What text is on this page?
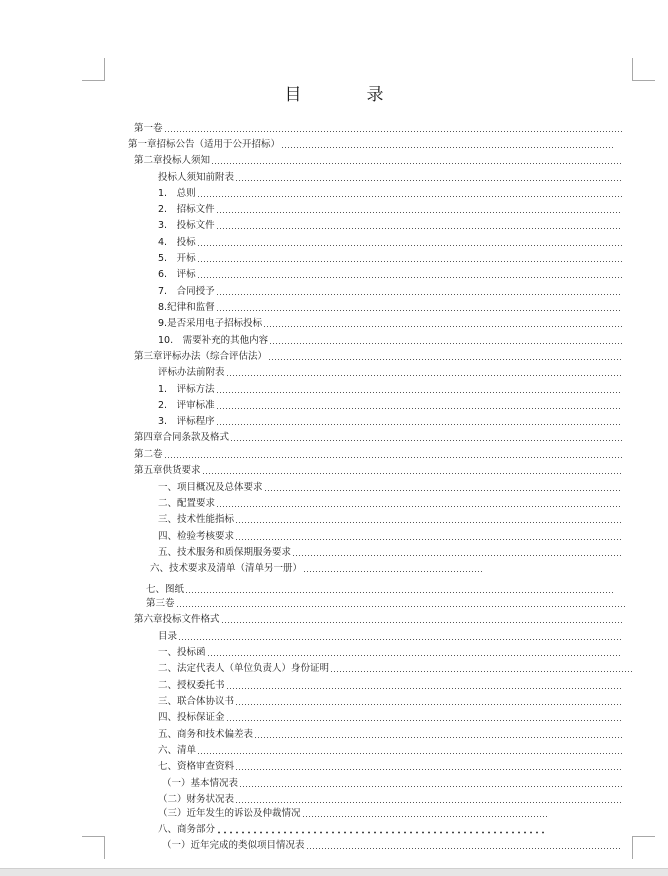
目　录
第一卷
第一章招标公告（适用于公开招标）
第二章投标人须知
投标人须知前附表
1.　总则
2.　招标文件
3.　投标文件
4.　投标
5.　开标
6.　评标
7.　合同授予
8.纪律和监督
9.是否采用电子招标投标
10.　需要补充的其他内容
第三章评标办法（综合评估法）
评标办法前附表
1.　评标方法
2.　评审标准
3.　评标程序
第四章合同条款及格式
第二卷
第五章供货要求
一、项目概况及总体要求
二、配置要求
三、技术性能指标
四、检验考核要求
五、技术服务和质保期服务要求
六、技术要求及清单（清单另一册）
七、图纸
第三卷
第六章投标文件格式
目录
一、投标函
二、法定代表人（单位负责人）身份证明
二、授权委托书
三、联合体协议书
四、投标保证金
五、商务和技术偏差表
六、清单
七、资格审查资料
（一）基本情况表
（二）财务状况表
（三）近年发生的诉讼及仲裁情况
八、商务部分
（一）近年完成的类似项目情况表
